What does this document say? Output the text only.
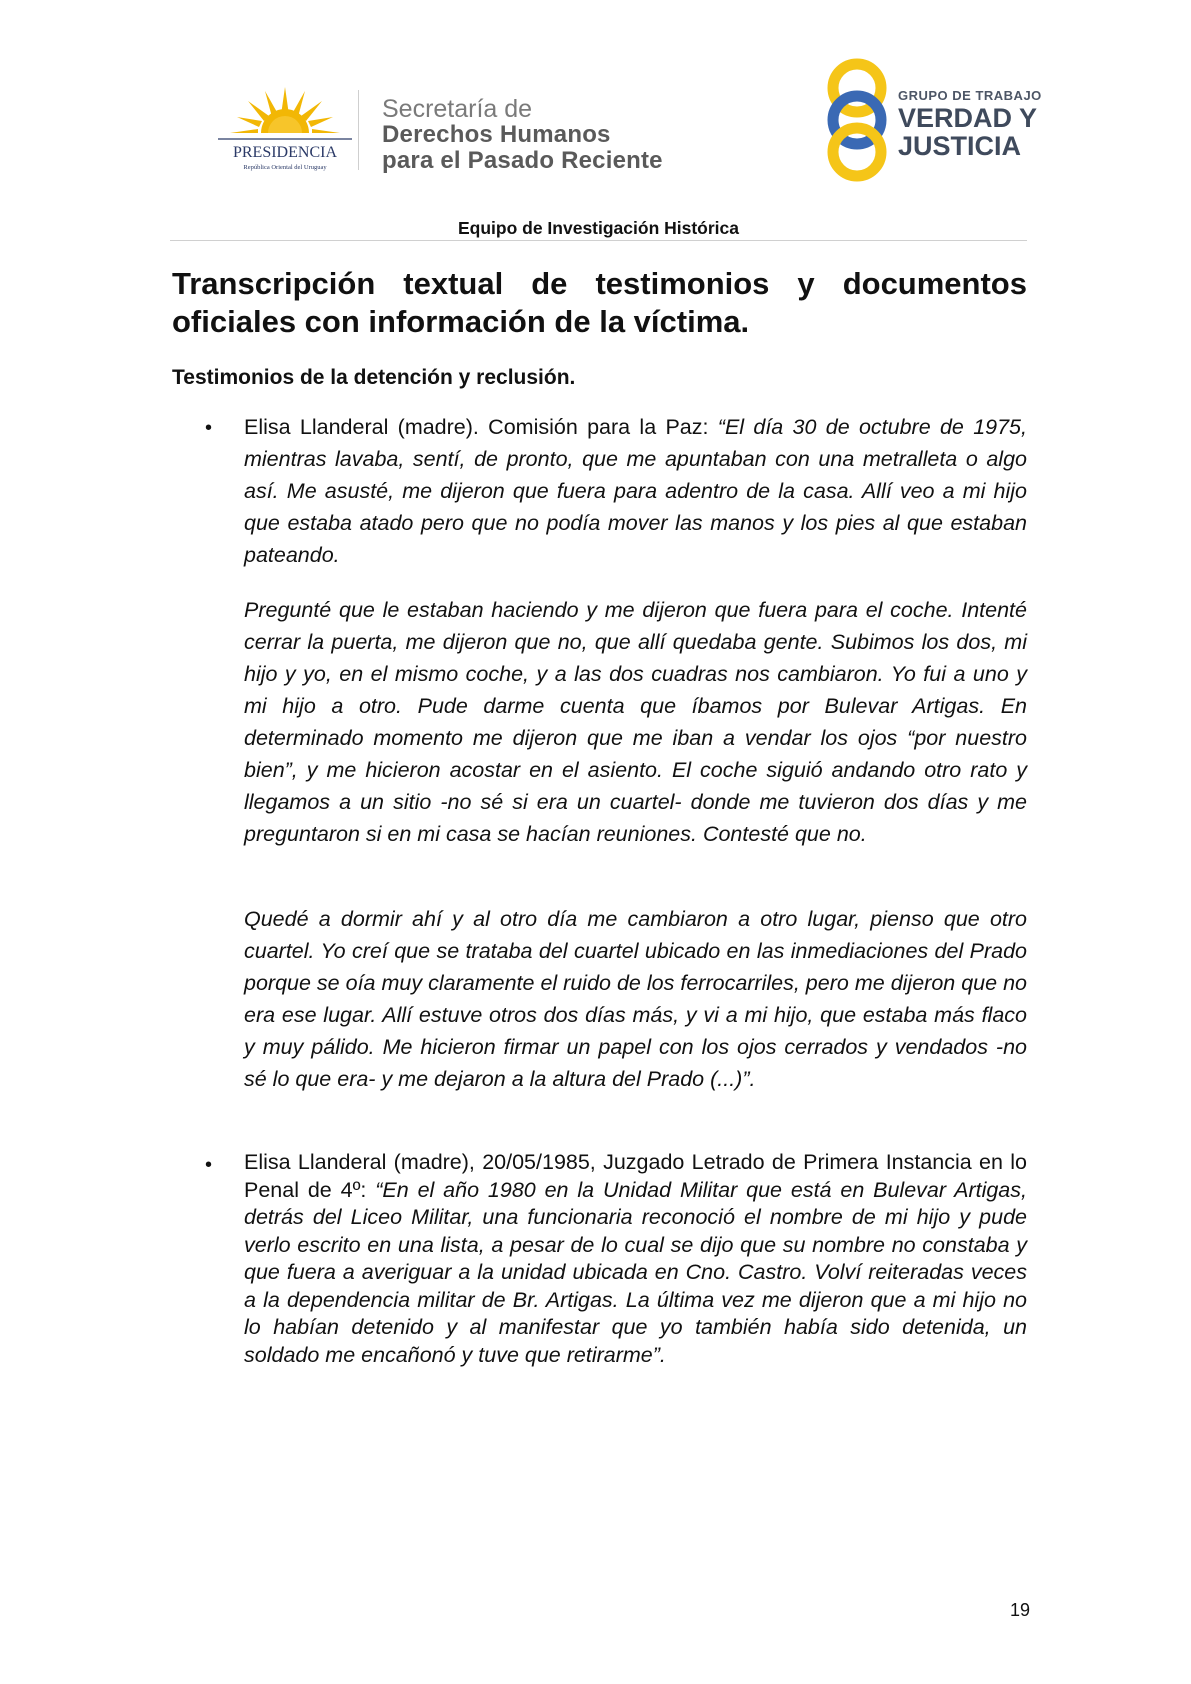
PRESIDENCIA
República Oriental del Uruguay
Secretaría de
Derechos Humanos
para el Pasado Reciente
GRUPO DE TRABAJO
VERDAD Y
JUSTICIA
Equipo de Investigación Histórica
Transcripción textual de testimonios y documentos oficiales con información de la víctima.
Testimonios de la detención y reclusión.
• Elisa Llanderal (madre). Comisión para la Paz: “El día 30 de octubre de 1975, mientras lavaba, sentí, de pronto, que me apuntaban con una metralleta o algo así. Me asusté, me dijeron que fuera para adentro de la casa. Allí veo a mi hijo que estaba atado pero que no podía mover las manos y los pies al que estaban pateando.
Pregunté que le estaban haciendo y me dijeron que fuera para el coche. Intenté cerrar la puerta, me dijeron que no, que allí quedaba gente. Subimos los dos, mi hijo y yo, en el mismo coche, y a las dos cuadras nos cambiaron. Yo fui a uno y mi hijo a otro. Pude darme cuenta que íbamos por Bulevar Artigas. En determinado momento me dijeron que me iban a vendar los ojos “por nuestro bien”, y me hicieron acostar en el asiento. El coche siguió andando otro rato y llegamos a un sitio -no sé si era un cuartel- donde me tuvieron dos días y me preguntaron si en mi casa se hacían reuniones. Contesté que no.
Quedé a dormir ahí y al otro día me cambiaron a otro lugar, pienso que otro cuartel. Yo creí que se trataba del cuartel ubicado en las inmediaciones del Prado porque se oía muy claramente el ruido de los ferrocarriles, pero me dijeron que no era ese lugar. Allí estuve otros dos días más, y vi a mi hijo, que estaba más flaco y muy pálido. Me hicieron firmar un papel con los ojos cerrados y vendados -no sé lo que era- y me dejaron a la altura del Prado (...)”.
• Elisa Llanderal (madre), 20/05/1985, Juzgado Letrado de Primera Instancia en lo Penal de 4º: “En el año 1980 en la Unidad Militar que está en Bulevar Artigas, detrás del Liceo Militar, una funcionaria reconoció el nombre de mi hijo y pude verlo escrito en una lista, a pesar de lo cual se dijo que su nombre no constaba y que fuera a averiguar a la unidad ubicada en Cno. Castro. Volví reiteradas veces a la dependencia militar de Br. Artigas. La última vez me dijeron que a mi hijo no lo habían detenido y al manifestar que yo también había sido detenida, un soldado me encañonó y tuve que retirarme”.
19
